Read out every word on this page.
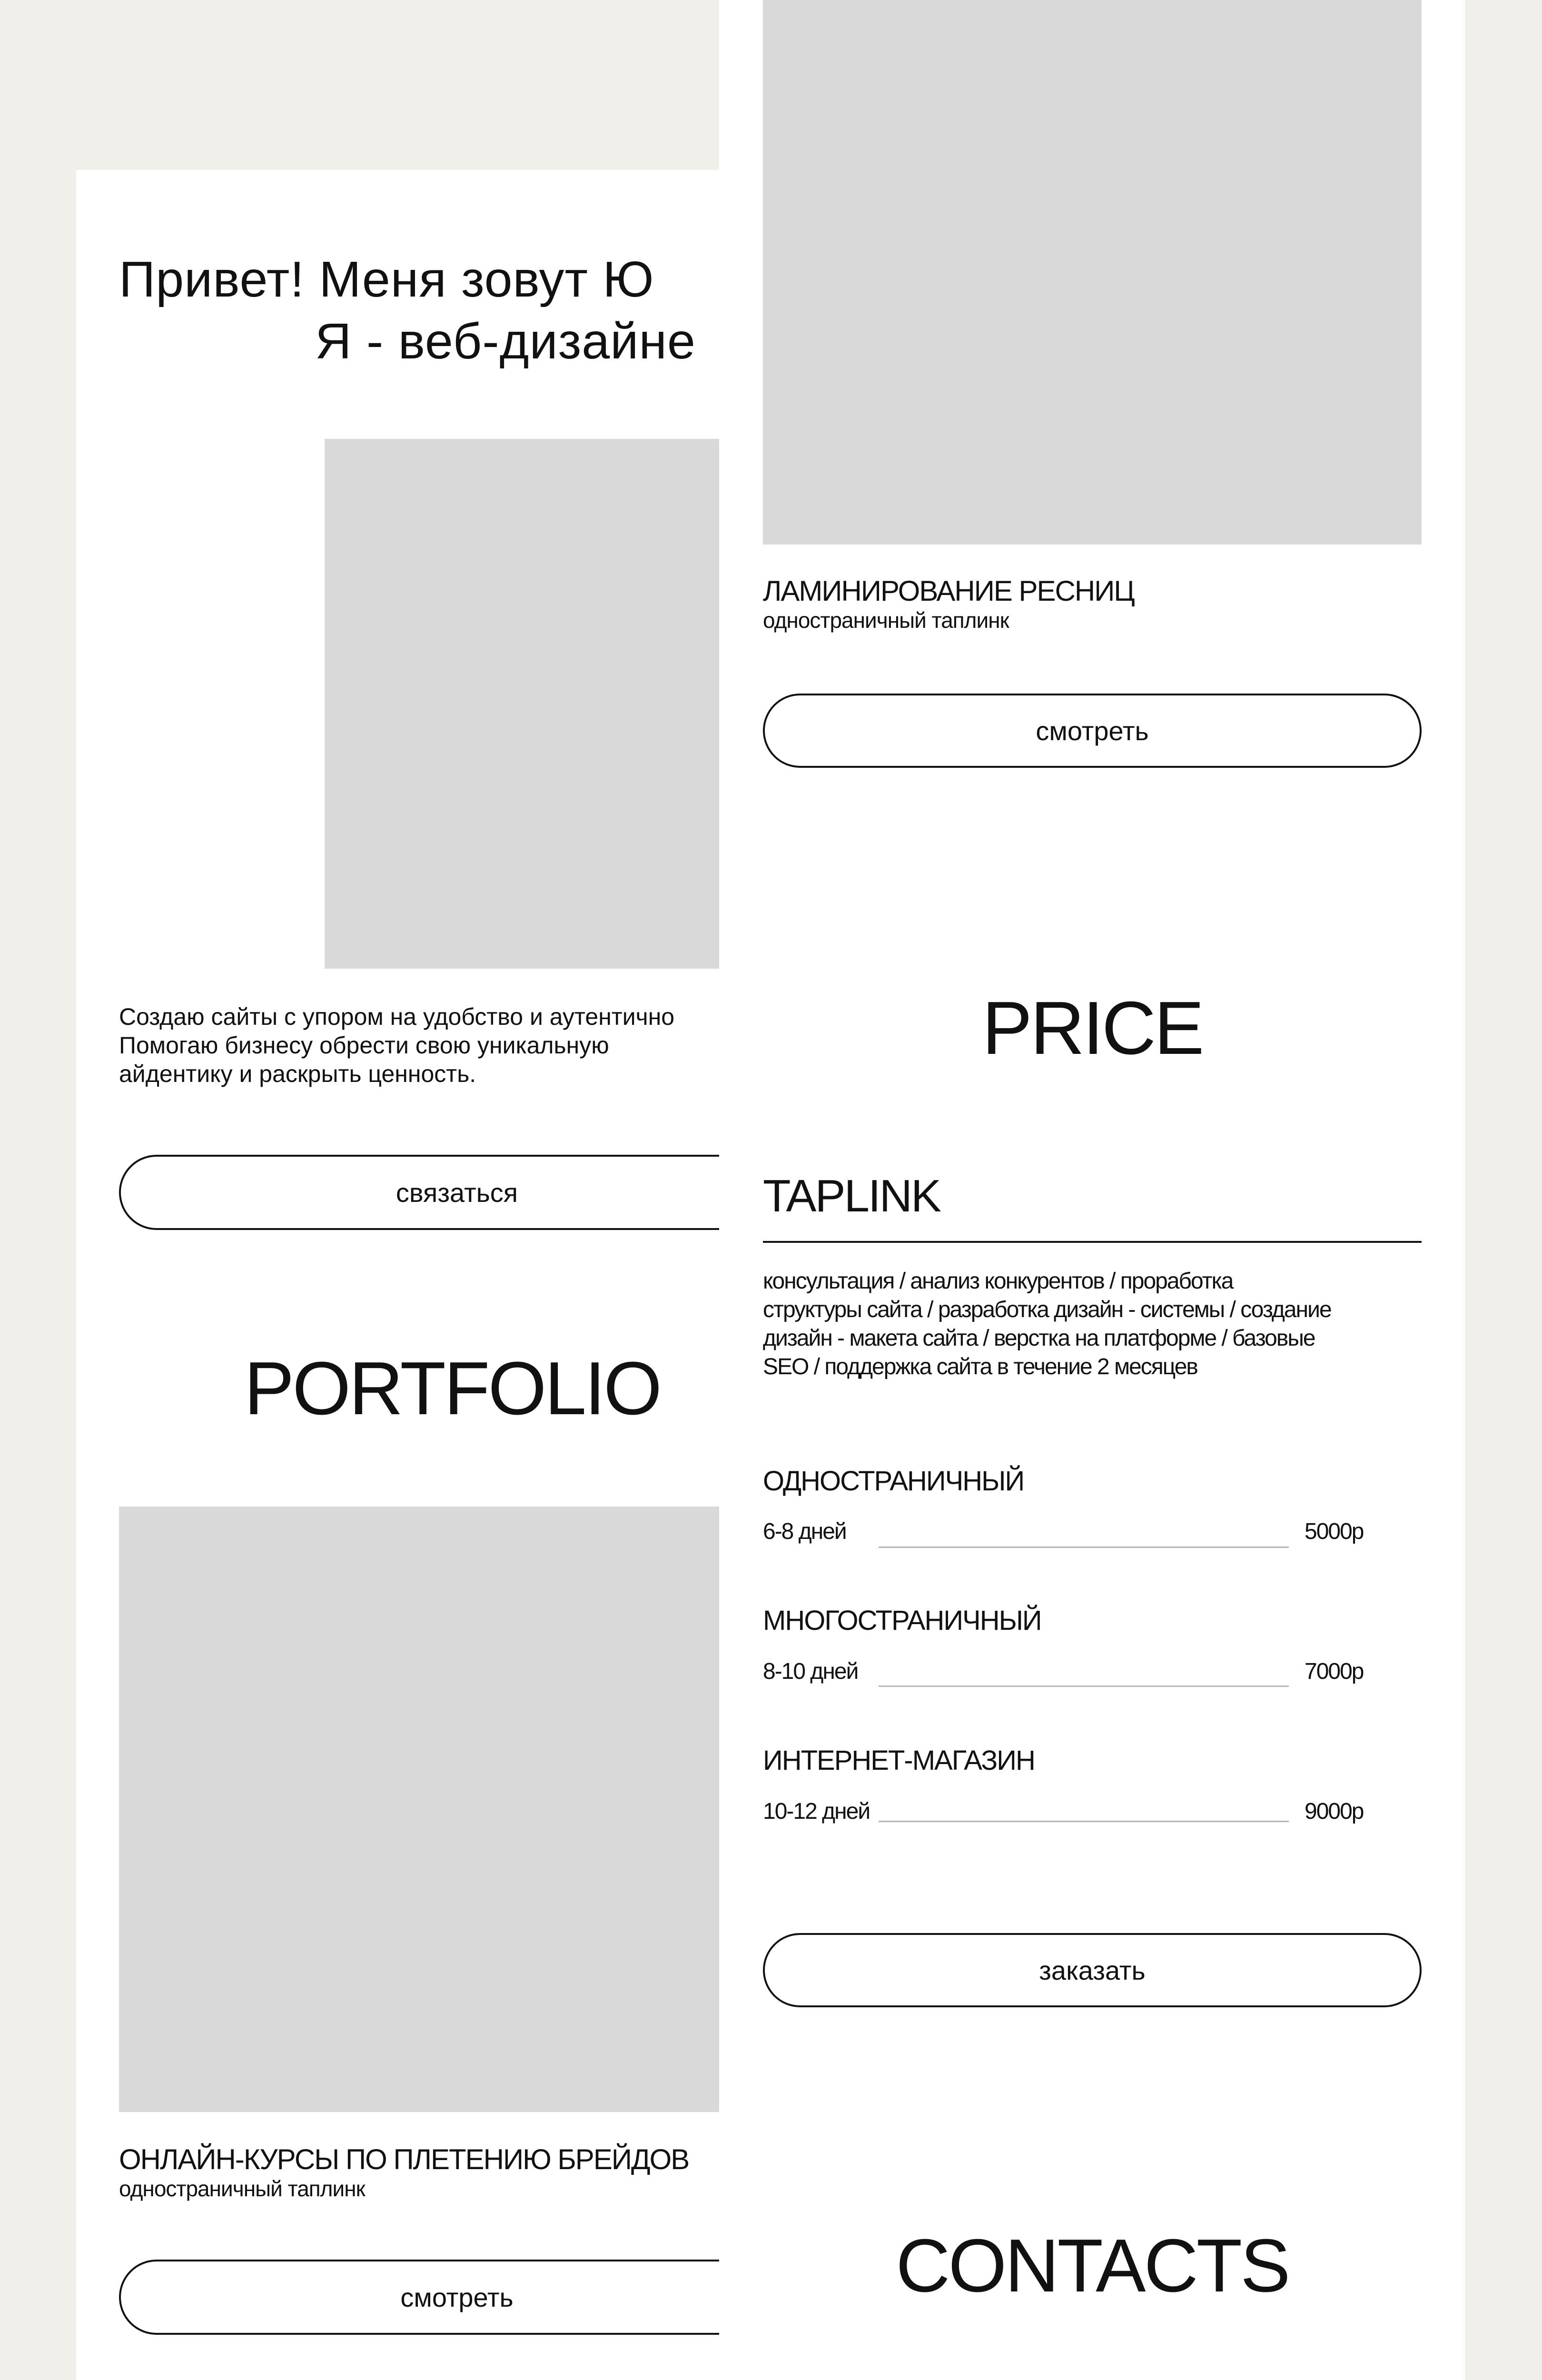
Привет! Меня зовут Ю
Я - веб-дизайне
Создаю сайты с упором на удобство и аутентично
Помогаю бизнесу обрести свою уникальную
айдентику и раскрыть ценность.
связаться
PORTFOLIO
ОНЛАЙН-КУРСЫ ПО ПЛЕТЕНИЮ БРЕЙДОВ
одностраничный таплинк
смотреть
ЛАМИНИРОВАНИЕ РЕСНИЦ
одностраничный таплинк
смотреть
PRICE
TAPLINK
консультация / анализ конкурентов / проработка
структуры сайта / разработка дизайн - системы / создание
дизайн - макета сайта / верстка на платформе / базовые
SEO / поддержка сайта в течение 2 месяцев
ОДНОСТРАНИЧНЫЙ
6-8 дней	5000р
МНОГОСТРАНИЧНЫЙ
8-10 дней	7000р
ИНТЕРНЕТ-МАГАЗИН
10-12 дней	9000р
заказать
CONTACTS
